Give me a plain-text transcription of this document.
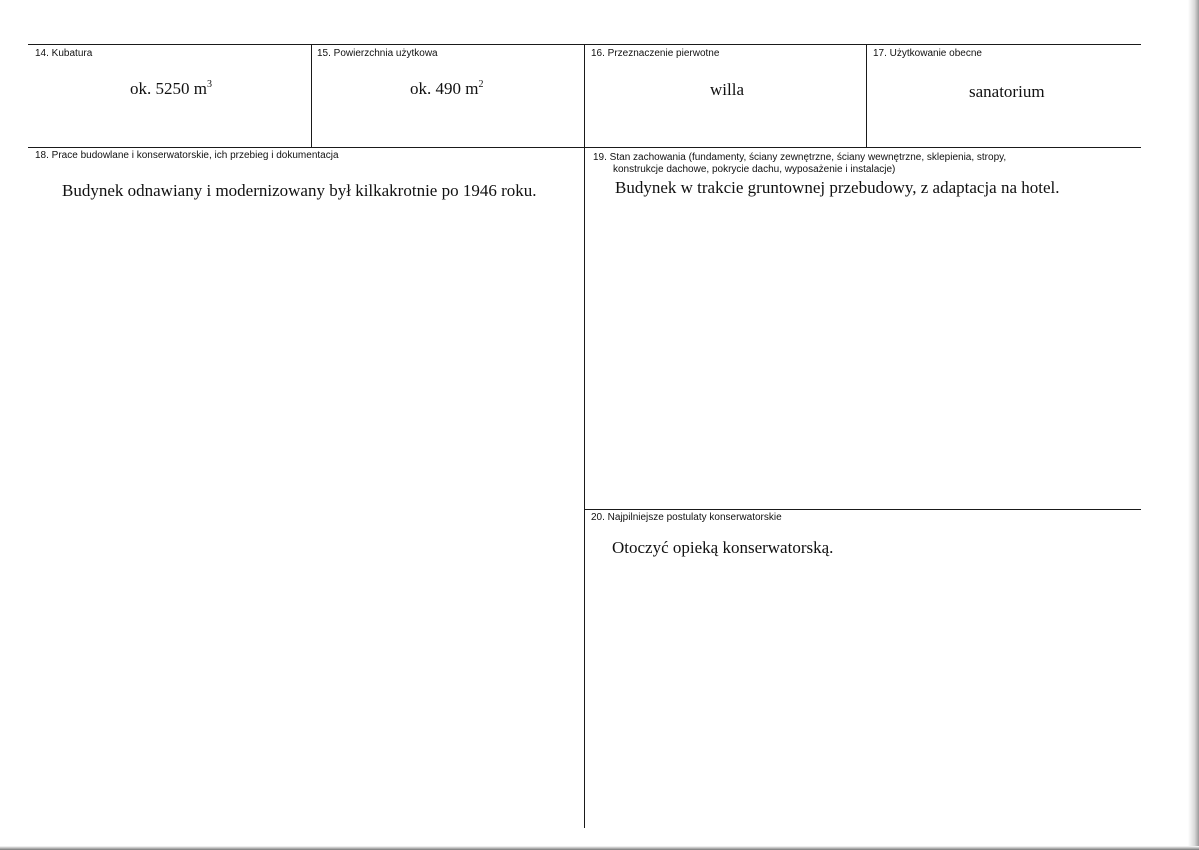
14. Kubatura
ok. 5250 $m^3$
15. Powierzchnia użytkowa
ok. 490 $m^2$
16. Przeznaczenie pierwotne
willa
17. Użytkowanie obecne
sanatorium
18. Prace budowlane i konserwatorskie, ich przebieg i dokumentacja
Budynek odnawiany i modernizowany był kilkakrotnie po 1946 roku.
19. Stan zachowania (fundamenty, ściany zewnętrzne, ściany wewnętrzne, sklepienia, stropy,
konstrukcje dachowe, pokrycie dachu, wyposażenie i instalacje)
Budynek w trakcie gruntownej przebudowy, z adaptacja na hotel.
20. Najpilniejsze postulaty konserwatorskie
Otoczyć opieką konserwatorską.
